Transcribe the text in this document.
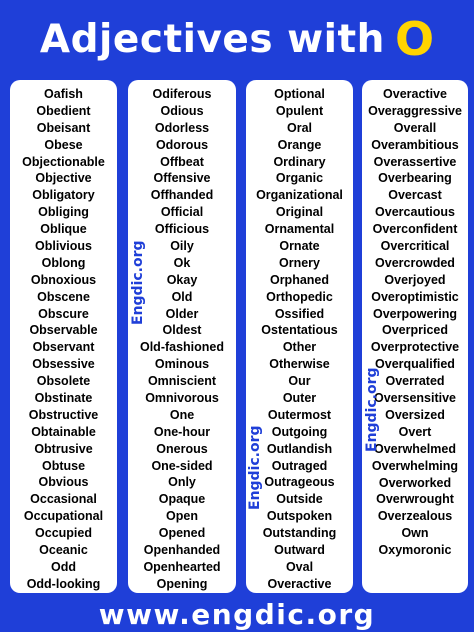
Adjectives with O
Oafish
Obedient
Obeisant
Obese
Objectionable
Objective
Obligatory
Obliging
Oblique
Oblivious
Oblong
Obnoxious
Obscene
Obscure
Observable
Observant
Obsessive
Obsolete
Obstinate
Obstructive
Obtainable
Obtrusive
Obtuse
Obvious
Occasional
Occupational
Occupied
Oceanic
Odd
Odd-looking
Odiferous
Odious
Odorless
Odorous
Offbeat
Offensive
Offhanded
Official
Officious
Oily
Ok
Okay
Old
Older
Oldest
Old-fashioned
Ominous
Omniscient
Omnivorous
One
One-hour
Onerous
One-sided
Only
Opaque
Open
Opened
Openhanded
Openhearted
Opening
Engdic.org
Optional
Opulent
Oral
Orange
Ordinary
Organic
Organizational
Original
Ornamental
Ornate
Ornery
Orphaned
Orthopedic
Ossified
Ostentatious
Other
Otherwise
Our
Outer
Outermost
Outgoing
Outlandish
Outraged
Outrageous
Outside
Outspoken
Outstanding
Outward
Oval
Overactive
Engdic.org
Overactive
Overaggressive
Overall
Overambitious
Overassertive
Overbearing
Overcast
Overcautious
Overconfident
Overcritical
Overcrowded
Overjoyed
Overoptimistic
Overpowering
Overpriced
Overprotective
Overqualified
Overrated
Oversensitive
Oversized
Overt
Overwhelmed
Overwhelming
Overworked
Overwrought
Overzealous
Own
Oxymoronic
Engdic.org
www.engdic.org
